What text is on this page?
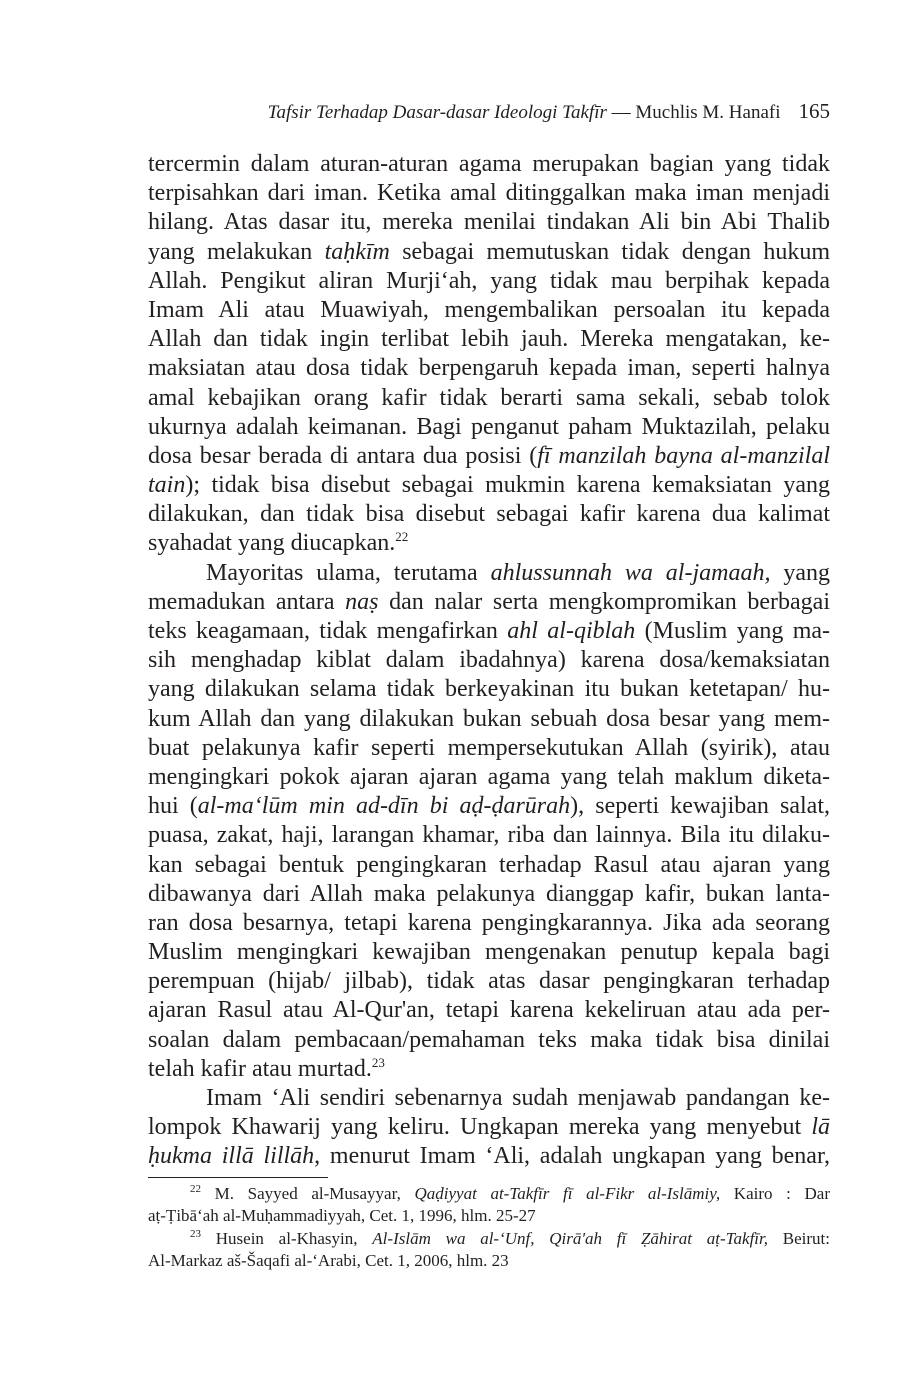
Tafsir Terhadap Dasar-dasar Ideologi Takfīr — Muchlis M. Hanafi 165
tercermin dalam aturan-aturan agama merupakan bagian yang tidak
terpisahkan dari iman. Ketika amal ditinggalkan maka iman menjadi
hilang. Atas dasar itu, mereka menilai tindakan Ali bin Abi Thalib
yang melakukan taḥkīm sebagai memutuskan tidak dengan hukum
Allah. Pengikut aliran Murji‘ah, yang tidak mau berpihak kepada
Imam Ali atau Muawiyah, mengembalikan persoalan itu kepada
Allah dan tidak ingin terlibat lebih jauh. Mereka mengatakan, ke-
maksiatan atau dosa tidak berpengaruh kepada iman, seperti halnya
amal kebajikan orang kafir tidak berarti sama sekali, sebab tolok
ukurnya adalah keimanan. Bagi penganut paham Muktazilah, pelaku
dosa besar berada di antara dua posisi (fī manzilah bayna al-manzilal
tain); tidak bisa disebut sebagai mukmin karena kemaksiatan yang
dilakukan, dan tidak bisa disebut sebagai kafir karena dua kalimat
syahadat yang diucapkan.$^{22}$
Mayoritas ulama, terutama ahlussunnah wa al-jamaah, yang
memadukan antara naṣ dan nalar serta mengkompromikan berbagai
teks keagamaan, tidak mengafirkan ahl al-qiblah (Muslim yang ma-
sih menghadap kiblat dalam ibadahnya) karena dosa/kemaksiatan
yang dilakukan selama tidak berkeyakinan itu bukan ketetapan/ hu-
kum Allah dan yang dilakukan bukan sebuah dosa besar yang mem-
buat pelakunya kafir seperti mempersekutukan Allah (syirik), atau
mengingkari pokok ajaran ajaran agama yang telah maklum diketa-
hui (al-ma‘lūm min ad-dīn bi aḍ-ḍarūrah), seperti kewajiban salat,
puasa, zakat, haji, larangan khamar, riba dan lainnya. Bila itu dilaku-
kan sebagai bentuk pengingkaran terhadap Rasul atau ajaran yang
dibawanya dari Allah maka pelakunya dianggap kafir, bukan lanta-
ran dosa besarnya, tetapi karena pengingkarannya. Jika ada seorang
Muslim mengingkari kewajiban mengenakan penutup kepala bagi
perempuan (hijab/ jilbab), tidak atas dasar pengingkaran terhadap
ajaran Rasul atau Al-Qur'an, tetapi karena kekeliruan atau ada per-
soalan dalam pembacaan/pemahaman teks maka tidak bisa dinilai
telah kafir atau murtad.$^{23}$
Imam ‘Ali sendiri sebenarnya sudah menjawab pandangan ke-
lompok Khawarij yang keliru. Ungkapan mereka yang menyebut lā
ḥukma illā lillāh, menurut Imam ‘Ali, adalah ungkapan yang benar,
$^{22}$ M. Sayyed al-Musayyar, Qaḍiyyat at-Takfīr fī al-Fikr al-Islāmiy, Kairo : Dar
aṭ-Ṭibā‘ah al-Muḥammadiyyah, Cet. 1, 1996, hlm. 25-27
$^{23}$ Husein al-Khasyin, Al-Islām wa al-‘Unf, Qirā'ah fī Ẓāhirat aṭ-Takfīr, Beirut:
Al-Markaz aš-Šaqafi al-‘Arabi, Cet. 1, 2006, hlm. 23
